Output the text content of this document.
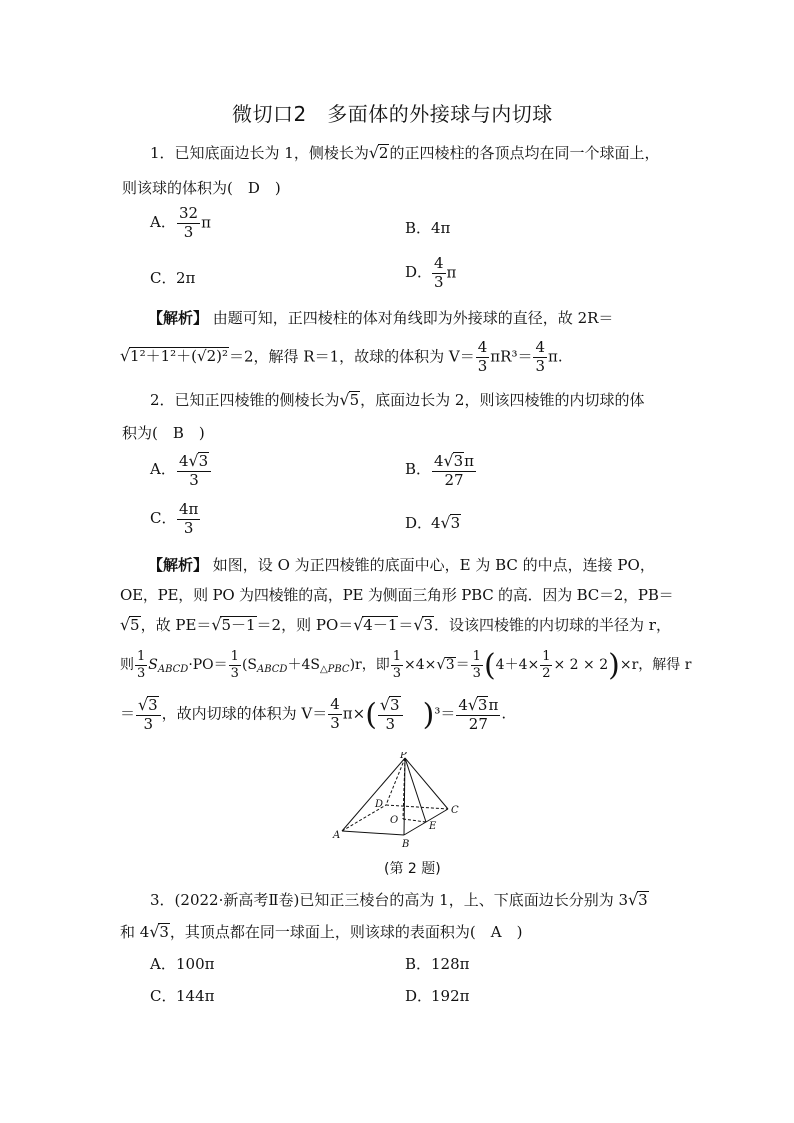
微切口2　多面体的外接球与内切球
1．已知底面边长为 1，侧棱长为√2的正四棱柱的各顶点均在同一个球面上，
则该球的体积为(　D　)
A． $\frac{32}{3}$ π	B．4π
C．2π	D． $\frac{4}{3}$ π
【解析】 由题可知，正四棱柱的体对角线即为外接球的直径，故 2R＝
√1²＋1²＋(√2)²＝2，解得 R＝1，故球的体积为 $V= \frac{4}{3} \pi R^3= \frac{4}{3} \pi$.
2．已知正四棱锥的侧棱长为√5，底面边长为 2，则该四棱锥的内切球的体
积为(　B　)
A． $\frac{4√3}{3}$	B． $\frac{4√3\pi}{27}$
C． $\frac{4\pi}{3}$	D．4√3
【解析】 如图，设 O 为正四棱锥的底面中心，E 为 BC 的中点，连接 PO，
OE，PE，则 PO 为四棱锥的高，PE 为侧面三角形 PBC 的高．因为 BC＝2，PB＝
√5，故 PE＝√5－1＝2，则 PO＝√4－1＝√3．设该四棱锥的内切球的半径为 r，
则 $\frac{1}{3} S_{ABCD}\cdot PO= \frac{1}{3} (S_{ABCD}+4S_{\triangle PBC})r$，即 $\frac{1}{3} \times 4\times√3= \frac{1}{3} (4+4\times \frac{1}{2} \times 2 \times 2)\times r$，解得 r
＝ $\frac{√3}{3}$ ，故内切球的体积为 $V= \frac{4}{3} \pi\times( \frac{√3}{3} )^3= \frac{4√3\pi}{27}$ .
P
A
B
C
D
E
O
(第 2 题)
3．(2022·新高考Ⅱ卷)已知正三棱台的高为 1，上、下底面边长分别为 3√3
和 4√3，其顶点都在同一球面上，则该球的表面积为(　A　)
A．100π	B．128π
C．144π	D．192π
